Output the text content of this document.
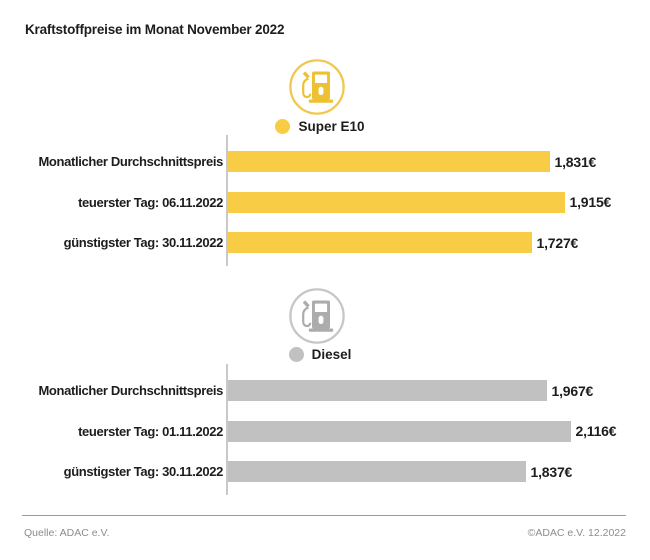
Kraftstoffpreise im Monat November 2022
Super E10
Monatlicher Durchschnittspreis	1,831€
teuerster Tag: 06.11.2022	1,915€
günstigster Tag: 30.11.2022	1,727€
Diesel
Monatlicher Durchschnittspreis	1,967€
teuerster Tag: 01.11.2022	2,116€
günstigster Tag: 30.11.2022	1,837€
Quelle: ADAC e.V.	©ADAC e.V. 12.2022
